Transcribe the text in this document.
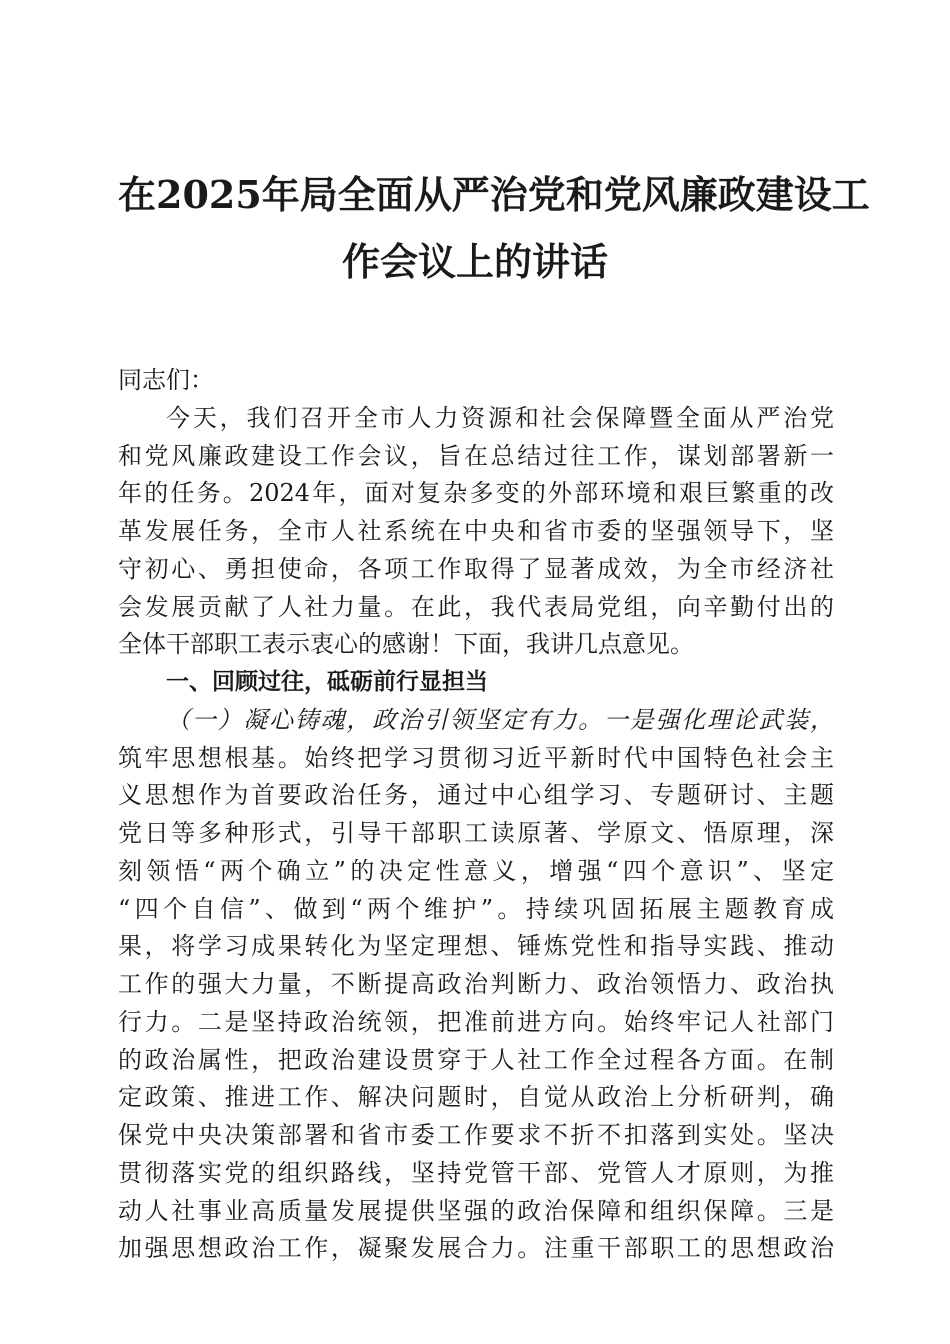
在2025年局全面从严治党和党风廉政建设工
作会议上的讲话
同志们：
今天，我们召开全市人力资源和社会保障暨全面从严治党
和党风廉政建设工作会议，旨在总结过往工作，谋划部署新一
年的任务。2024年，面对复杂多变的外部环境和艰巨繁重的改
革发展任务，全市人社系统在中央和省市委的坚强领导下，坚
守初心、勇担使命，各项工作取得了显著成效，为全市经济社
会发展贡献了人社力量。在此，我代表局党组，向辛勤付出的
全体干部职工表示衷心的感谢！下面，我讲几点意见。
一、回顾过往，砥砺前行显担当
（一）凝心铸魂，政治引领坚定有力。一是强化理论武装，
筑牢思想根基。始终把学习贯彻习近平新时代中国特色社会主
义思想作为首要政治任务，通过中心组学习、专题研讨、主题
党日等多种形式，引导干部职工读原著、学原文、悟原理，深
刻领悟“两个确立”的决定性意义，增强“四个意识”、坚定
“四个自信”、做到“两个维护”。持续巩固拓展主题教育成
果，将学习成果转化为坚定理想、锤炼党性和指导实践、推动
工作的强大力量，不断提高政治判断力、政治领悟力、政治执
行力。二是坚持政治统领，把准前进方向。始终牢记人社部门
的政治属性，把政治建设贯穿于人社工作全过程各方面。在制
定政策、推进工作、解决问题时，自觉从政治上分析研判，确
保党中央决策部署和省市委工作要求不折不扣落到实处。坚决
贯彻落实党的组织路线，坚持党管干部、党管人才原则，为推
动人社事业高质量发展提供坚强的政治保障和组织保障。三是
加强思想政治工作，凝聚发展合力。注重干部职工的思想政治
